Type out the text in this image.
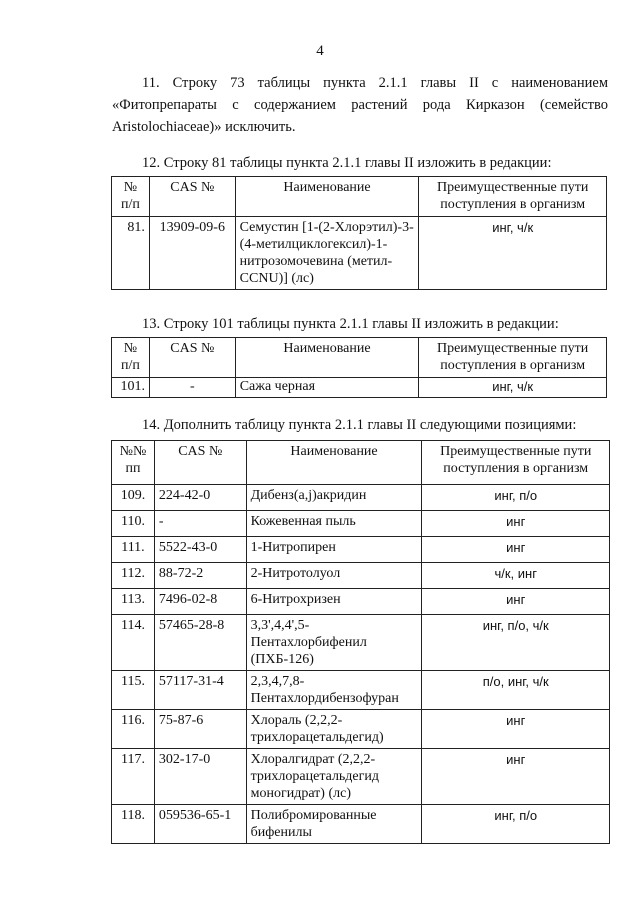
4
11. Строку 73 таблицы пункта 2.1.1 главы II с наименованием
«Фитопрепараты с содержанием растений рода Кирказон (семейство
Aristolochiaceae)» исключить.
12. Строку 81 таблицы пункта 2.1.1 главы II изложить в редакции:
№
п/п	CAS №	Наименование	Преимущественные пути поступления в организм
81.	13909-09-6	Семустин [1-(2-Хлорэтил)-3-(4-метилциклогексил)-1-нитрозомочевина (метил-CCNU)] (лс)	инг, ч/к
13. Строку 101 таблицы пункта 2.1.1 главы II изложить в редакции:
№
п/п	CAS №	Наименование	Преимущественные пути поступления в организм
101.	-	Сажа черная	инг, ч/к
14. Дополнить таблицу пункта 2.1.1 главы II следующими позициями:
№№
пп	CAS №	Наименование	Преимущественные пути поступления в организм
109.	224-42-0	Дибенз(a,j)акридин	инг, п/о
110.	-	Кожевенная пыль	инг
111.	5522-43-0	1-Нитропирен	инг
112.	88-72-2	2-Нитротолуол	ч/к, инг
113.	7496-02-8	6-Нитрохризен	инг
114.	57465-28-8	3,3',4,4',5-Пентахлорбифенил (ПХБ-126)	инг, п/о, ч/к
115.	57117-31-4	2,3,4,7,8-Пентахлордибензофуран	п/о, инг, ч/к
116.	75-87-6	Хлораль (2,2,2-трихлорацетальдегид)	инг
117.	302-17-0	Хлоралгидрат (2,2,2-трихлорацетальдегид моногидрат) (лс)	инг
118.	059536-65-1	Полибромированные бифенилы	инг, п/о
